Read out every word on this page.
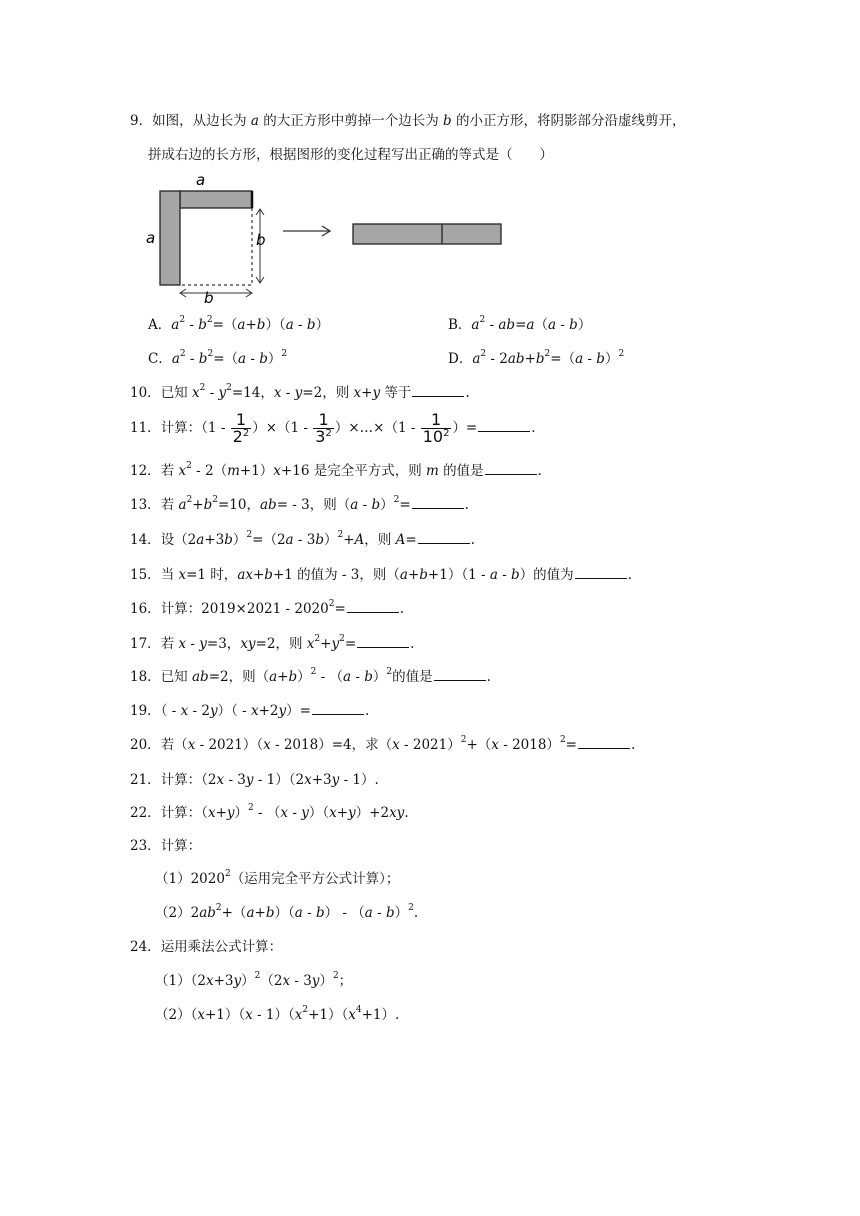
9．如图，从边长为 a 的大正方形中剪掉一个边长为 b 的小正方形，将阴影部分沿虚线剪开，
拼成右边的长方形，根据图形的变化过程写出正确的等式是（　　）
a
a	b
b
A．$a^2 - b^2=(a+b)(a - b)$	B．$a^2 - ab=a(a - b)$
C．$a^2 - b^2=(a - b)^2$	D．$a^2 - 2ab+b^2=(a - b)^2$
10．已知 $x^2 - y^2=14$，x - y=2，则 x+y 等于	.
11．计算：$(1 - \frac{1}{2^2} )\times(1 - \frac{1}{3^2}$ ）×…×（1 - $\frac{1}{10^2}$ ）=	.
12．若 $x^2 - 2(m+1)x+16$ 是完全平方式，则 m 的值是	.
13．若 $a^2+b^2=10$，ab= - 3，则（a - b）$^2$=	.
14．设$(2a+3b)^2=(2a - 3b)^2+A$，则 A=	.
15．当 x=1 时，ax+b+1 的值为 - 3，则（a+b+1）（1 - a - b）的值为	.
16．计算：$2019\times 2021 - 2020^2=$	.
17．若 x - y=3，xy=2，则 $x^2+y^2=$	.
18．已知 ab=2，则$(a+b)^2 - (a - b)^2$的值是	.
19．（ - x - 2y）（ - x+2y）=	.
20．若（x - 2021）（x - 2018）=4，求（x - 2021）$^2$+（x - 2018）$^2$=	.
21．计算：（2x - 3y - 1）（2x+3y - 1）.
22．计算：$(x+y)^2 - (x - y)(x+y)+2xy$.
23．计算：
（1）2020$^2$（运用完全平方公式计算）；
$(2)2ab^2+(a+b)(a - b) - (a - b)^2$.
24．运用乘法公式计算：
$(1)(2x+3y)^2(2x - 3y)^2$；
$(2)(x+1)(x - 1)(x^2+1)(x^4+1)$.
